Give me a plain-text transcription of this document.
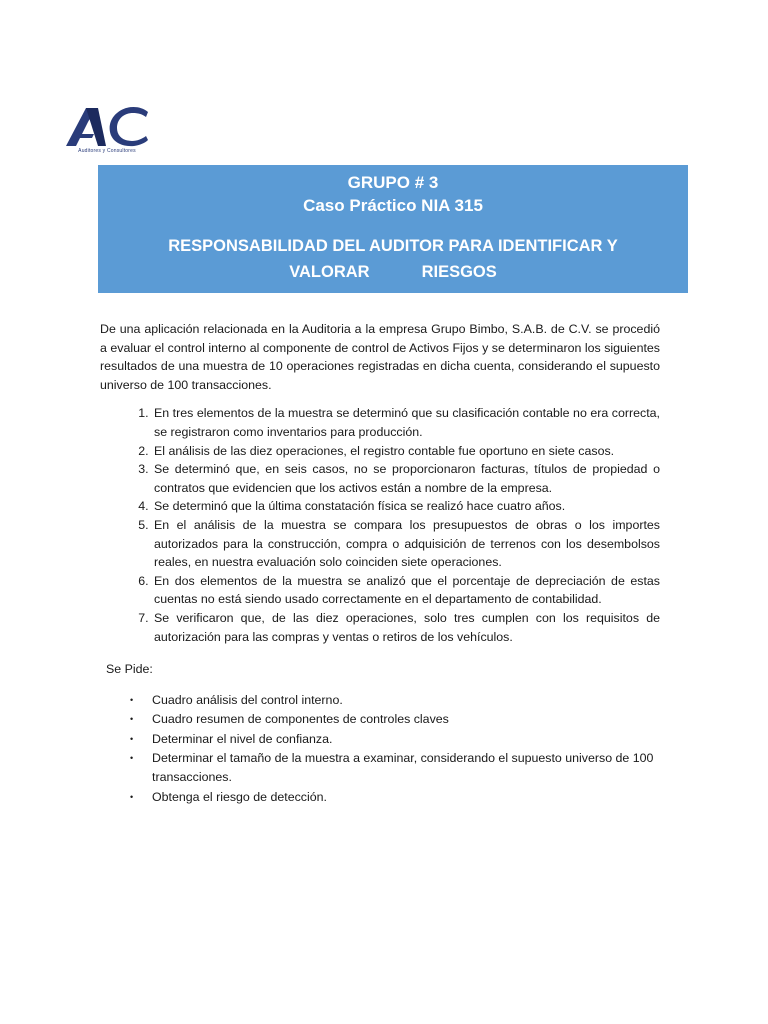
Auditores y Consultores
GRUPO # 3
Caso Práctico NIA 315
RESPONSABILIDAD DEL AUDITOR PARA IDENTIFICAR Y
VALORAR	RIESGOS

De una aplicación relacionada en la Auditoria a la empresa Grupo Bimbo, S.A.B. de C.V. se procedió a evaluar el control interno al componente de control de Activos Fijos y se determinaron los siguientes resultados de una muestra de 10 operaciones registradas en dicha cuenta, considerando el supuesto universo de 100 transacciones.

1. En tres elementos de la muestra se determinó que su clasificación contable no era correcta, se registraron como inventarios para producción.
2. El análisis de las diez operaciones, el registro contable fue oportuno en siete casos.
3. Se determinó que, en seis casos, no se proporcionaron facturas, títulos de propiedad o contratos que evidencien que los activos están a nombre de la empresa.
4. Se determinó que la última constatación física se realizó hace cuatro años.
5. En el análisis de la muestra se compara los presupuestos de obras o los importes autorizados para la construcción, compra o adquisición de terrenos con los desembolsos reales, en nuestra evaluación solo coinciden siete operaciones.
6. En dos elementos de la muestra se analizó que el porcentaje de depreciación de estas cuentas no está siendo usado correctamente en el departamento de contabilidad.
7. Se verificaron que, de las diez operaciones, solo tres cumplen con los requisitos de autorización para las compras y ventas o retiros de los vehículos.
Se Pide:
• Cuadro análisis del control interno.
• Cuadro resumen de componentes de controles claves
• Determinar el nivel de confianza.
• Determinar el tamaño de la muestra a examinar, considerando el supuesto universo de 100 transacciones.
• Obtenga el riesgo de detección.
